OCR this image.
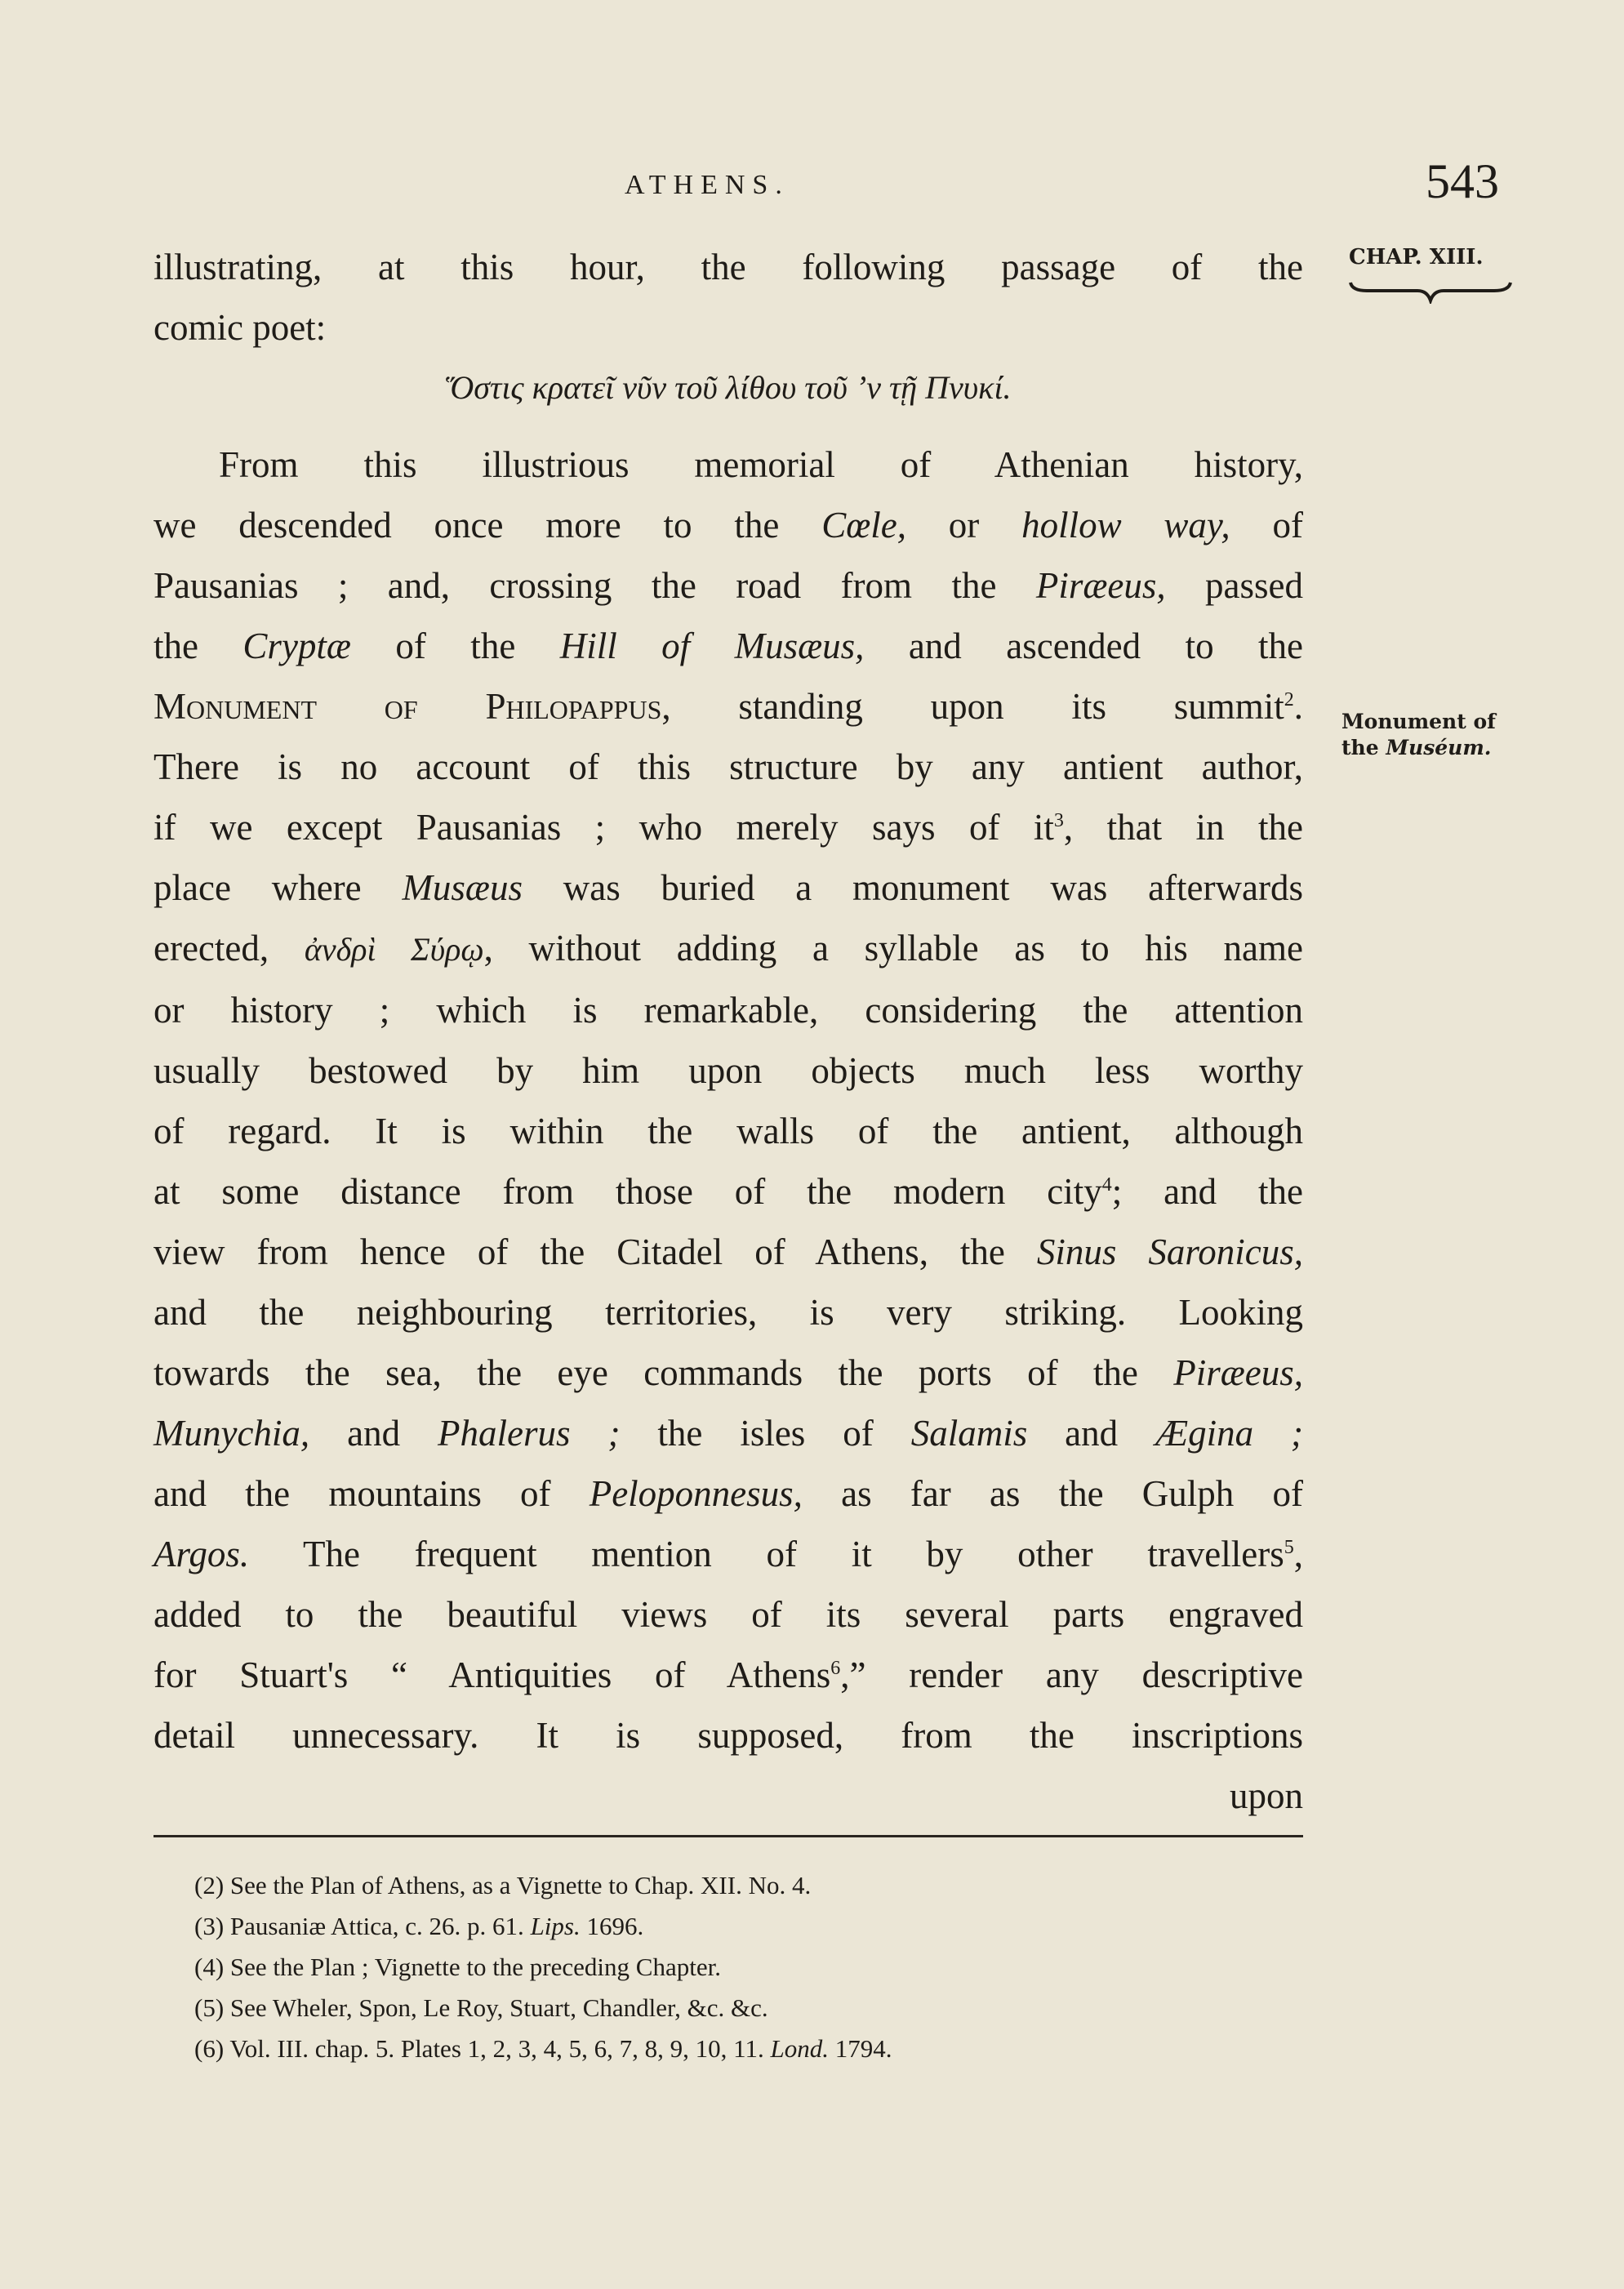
ATHENS.	543
CHAP. XIII.
Monument of
the Muséum.
illustrating, at this hour, the following passage of the
comic poet:
Ὅστις κρατεῖ νῦν τοῦ λίθου τοῦ ʼν τῇ Πνυκί.
From this illustrious memorial of Athenian history,
we descended once more to the Cœle, or hollow way, of
Pausanias ; and, crossing the road from the Piræeus, passed
the Cryptæ of the Hill of Musæus, and ascended to the
Monument of Philopappus, standing upon its summit$^2$.
There is no account of this structure by any antient author,
if we except Pausanias ; who merely says of $it^3$, that in the
place where Musæus was buried a monument was afterwards
erected, ἀνδρὶ Σύρῳ, without adding a syllable as to his name
or history ; which is remarkable, considering the attention
usually bestowed by him upon objects much less worthy
of regard. It is within the walls of the antient, although
at some distance from those of the modern city$^4$; and the
view from hence of the Citadel of Athens, the Sinus Saronicus,
and the neighbouring territories, is very striking. Looking
towards the sea, the eye commands the ports of the Piræeus,
Munychia, and Phalerus ; the isles of Salamis and Ægina ;
and the mountains of Peloponnesus, as far as the Gulph of
Argos. The frequent mention of it by other travellers$^5$,
added to the beautiful views of its several parts engraved
for Stuart's “ Antiquities of Athens$^6$,” render any descriptive
detail unnecessary. It is supposed, from the inscriptions
upon
(2) See the Plan of Athens, as a Vignette to Chap. XII. No. 4.
(3) Pausaniæ Attica, c. 26. p. 61. Lips. 1696.
(4) See the Plan ; Vignette to the preceding Chapter.
(5) See Wheler, Spon, Le Roy, Stuart, Chandler, &c. &c.
(6) Vol. III. chap. 5. Plates 1, 2, 3, 4, 5, 6, 7, 8, 9, 10, 11. Lond. 1794.
